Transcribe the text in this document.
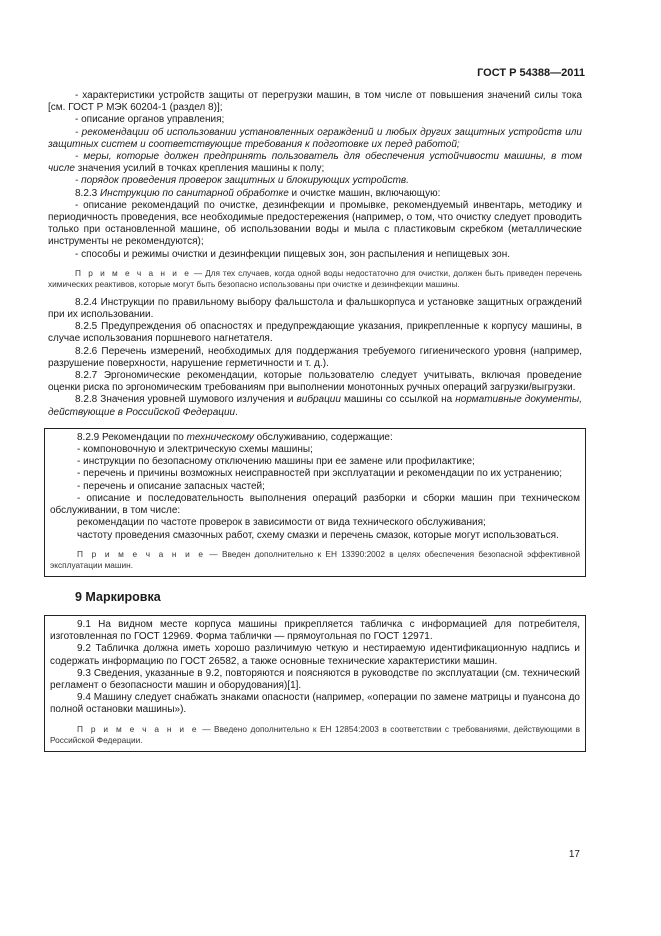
ГОСТ Р 54388—2011

- характеристики устройств защиты от перегрузки машин, в том числе от повышения значений силы тока [см. ГОСТ Р МЭК 60204-1 (раздел 8)];

- описание органов управления;

- рекомендации об использовании установленных ограждений и любых других защитных устройств или защитных систем и соответствующие требования к подготовке их перед работой;

- меры, которые должен предпринять пользователь для обеспечения устойчивости машины, в том числе значения усилий в точках крепления машины к полу;

- порядок проведения проверок защитных и блокирующих устройств.

8.2.3 Инструкцию по санитарной обработке и очистке машин, включающую:

- описание рекомендаций по очистке, дезинфекции и промывке, рекомендуемый инвентарь, методику и периодичность проведения, все необходимые предостережения (например, о том, что очистку следует проводить только при остановленной машине, об использовании воды и мыла с пластиковым скребком (металлические инструменты не рекомендуются);

- способы и режимы очистки и дезинфекции пищевых зон, зон распыления и непищевых зон.

П р и м е ч а н и е — Для тех случаев, когда одной воды недостаточно для очистки, должен быть приведен перечень химических реактивов, которые могут быть безопасно использованы при очистке и дезинфекции машины.

8.2.4 Инструкции по правильному выбору фальшстола и фальшкорпуса и установке защитных ограждений при их использовании.

8.2.5 Предупреждения об опасностях и предупреждающие указания, прикрепленные к корпусу машины, в случае использования поршневого нагнетателя.

8.2.6 Перечень измерений, необходимых для поддержания требуемого гигиенического уровня (например, разрушение поверхности, нарушение герметичности и т. д.).

8.2.7 Эргономические рекомендации, которые пользователю следует учитывать, включая проведение оценки риска по эргономическим требованиям при выполнении монотонных ручных операций загрузки/выгрузки.

8.2.8 Значения уровней шумового излучения и вибрации машины со ссылкой на нормативные документы, действующие в Российской Федерации.

8.2.9 Рекомендации по техническому обслуживанию, содержащие:

- компоновочную и электрическую схемы машины;

- инструкции по безопасному отключению машины при ее замене или профилактике;

- перечень и причины возможных неисправностей при эксплуатации и рекомендации по их устранению;

- перечень и описание запасных частей;

- описание и последовательность выполнения операций разборки и сборки машин при техническом обслуживании, в том числе:

рекомендации по частоте проверок в зависимости от вида технического обслуживания;

частоту проведения смазочных работ, схему смазки и перечень смазок, которые могут использоваться.

П р и м е ч а н и е — Введен дополнительно к ЕН 13390:2002 в целях обеспечения безопасной эффективной эксплуатации машин.

9 Маркировка

9.1 На видном месте корпуса машины прикрепляется табличка с информацией для потребителя, изготовленная по ГОСТ 12969. Форма таблички — прямоугольная по ГОСТ 12971.

9.2 Табличка должна иметь хорошо различимую четкую и нестираемую идентификационную надпись и содержать информацию по ГОСТ 26582, а также основные технические характеристики машин.

9.3 Сведения, указанные в 9.2, повторяются и поясняются в руководстве по эксплуатации (см. технический регламент о безопасности машин и оборудования)[1].

9.4 Машину следует снабжать знаками опасности (например, «операции по замене матрицы и пуансона до полной остановки машины»).

П р и м е ч а н и е — Введено дополнительно к ЕН 12854:2003 в соответствии с требованиями, действующими в Российской Федерации.

17
